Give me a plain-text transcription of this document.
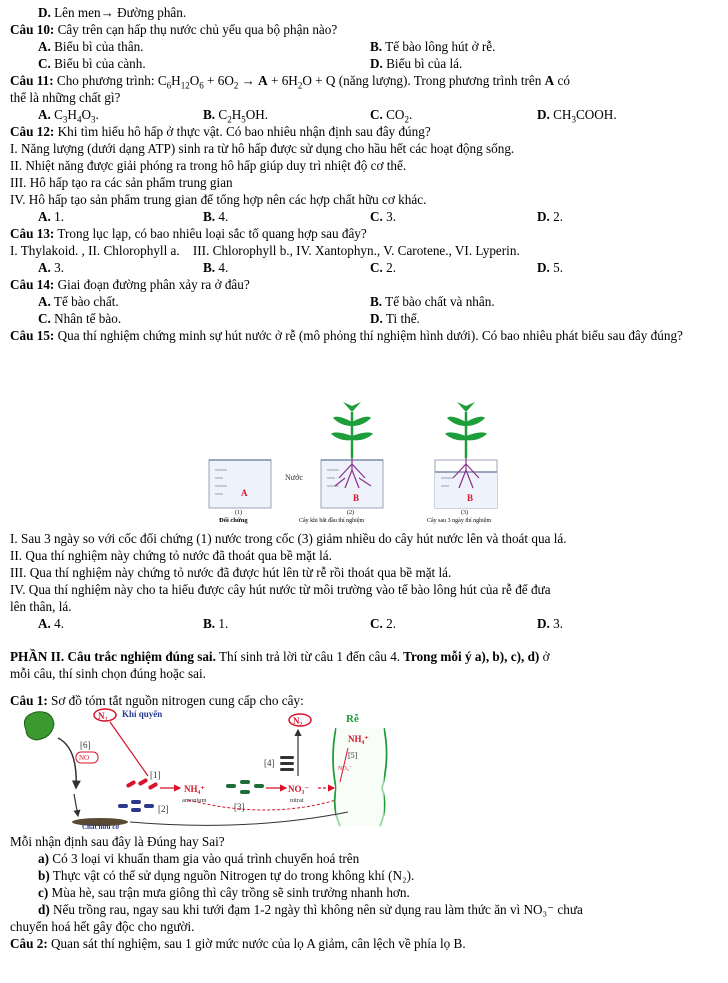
D. Lên men→ Đường phân.
Câu 10: Cây trên cạn hấp thụ nước chủ yếu qua bộ phận nào?
A. Biểu bì của thân.	B. Tế bào lông hút ở rễ.
C. Biểu bì của cành.	D. Biểu bì của lá.
Câu 11: Cho phương trình: $C_6H_{12}O_6 + 6O_2 \to A + 6H_2O + Q$ (năng lượng). Trong phương trình trên A có
thể là những chất gì?
A. $C_3H_4O_3$.	B. $C_2H_5OH$.	C. $CO_2$.	D. $CH_3COOH$.
Câu 12: Khi tìm hiểu hô hấp ở thực vật. Có bao nhiêu nhận định sau đây đúng?
I. Năng lượng (dưới dạng ATP) sinh ra từ hô hấp được sử dụng cho hầu hết các hoạt động sống.
II. Nhiệt năng được giải phóng ra trong hô hấp giúp duy trì nhiệt độ cơ thể.
III. Hô hấp tạo ra các sản phẩm trung gian
IV. Hô hấp tạo sản phẩm trung gian để tổng hợp nên các hợp chất hữu cơ khác.
A. 1.	B. 4.	C. 3.	D. 2.
Câu 13: Trong lục lạp, có bao nhiêu loại sắc tố quang hợp sau đây?
I. Thylakoid. , II. Chlorophyll a.    III. Chlorophyll b., IV. Xantophyn., V. Carotene., VI. Lyperin.
A. 3.	B. 4.	C. 2.	D. 5.
Câu 14: Giai đoạn đường phân xảy ra ở đâu?
A. Tế bào chất.	B. Tế bào chất và nhân.
C. Nhân tế bào.	D. Ti thể.
Câu 15: Qua thí nghiệm chứng minh sự hút nước ở rễ (mô phỏng thí nghiệm hình dưới). Có bao nhiêu phát biểu sau đây đúng?
A	B
Nước
B
(1)	(2)	(3)
Đối chứng	Cây khi bắt đầu thí nghiệm	Cây sau 3 ngày thí nghiệm
I. Sau 3 ngày so với cốc đối chứng (1) nước trong cốc (3) giảm nhiều do cây hút nước lên và thoát qua lá.
II. Qua thí nghiệm này chứng tỏ nước đã thoát qua bề mặt lá.
III. Qua thí nghiệm này chứng tỏ nước đã được hút lên từ rễ rồi thoát qua bề mặt lá.
IV. Qua thí nghiệm này cho ta hiểu được cây hút nước từ môi trường vào tế bào lông hút của rễ để đưa
lên thân, lá.
A. 4.	B. 1.	C. 2.	D. 3.
PHẦN II. Câu trắc nghiệm đúng sai. Thí sinh trả lời từ câu 1 đến câu 4. Trong mỗi ý a), b), c), d) ở
mỗi câu, thí sinh chọn đúng hoặc sai.
Câu 1: Sơ đồ tóm tắt nguồn nitrogen cung cấp cho cây:
N₂ Khí quyển
[6]
NO
[1]
[2]
NH₄⁺
amonium
[3]
NO₃⁻
nitrat
[4]
N₂	Rễ
NH₄⁺
[5]
NO₃⁻
Chất hữu cơ
Mỗi nhận định sau đây là Đúng hay Sai?
a) Có 3 loại vi khuẩn tham gia vào quá trình chuyển hoá trên
b) Thực vật có thể sử dụng nguồn Nitrogen tự do trong không khí (N₂).
c) Mùa hè, sau trận mưa giông thì cây trồng sẽ sinh trưởng nhanh hơn.
d) Nếu trồng rau, ngay sau khi tưới đạm 1-2 ngày thì không nên sử dụng rau làm thức ăn vì NO₃⁻ chưa
chuyển hoá hết gây độc cho người.
Câu 2: Quan sát thí nghiệm, sau 1 giờ mức nước của lọ A giảm, cân lệch về phía lọ B.
